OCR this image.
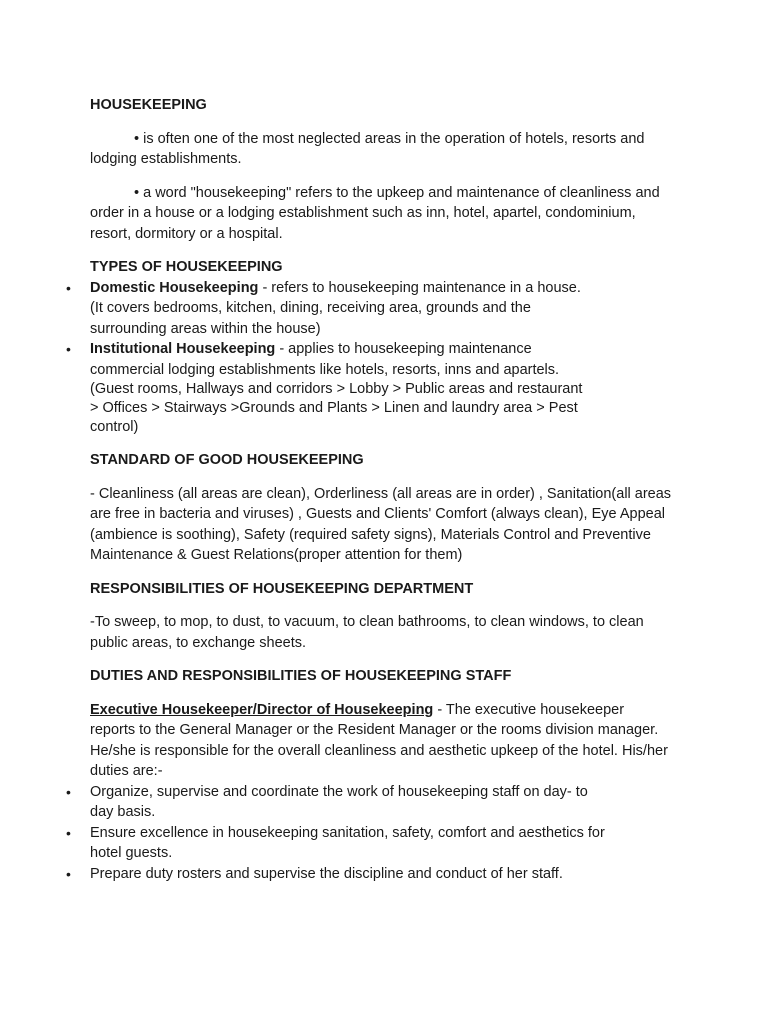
HOUSEKEEPING

• is often one of the most neglected areas in the operation of hotels, resorts and lodging establishments.

• a word "housekeeping" refers to the upkeep and maintenance of cleanliness and order in a house or a lodging establishment such as inn, hotel, apartel, condominium, resort, dormitory or a hospital.

TYPES OF HOUSEKEEPING

• Domestic Housekeeping - refers to housekeeping maintenance in a house. (It covers bedrooms, kitchen, dining, receiving area, grounds and the surrounding areas within the house)
• Institutional Housekeeping - applies to housekeeping maintenance commercial lodging establishments like hotels, resorts, inns and apartels.
(Guest rooms, Hallways and corridors > Lobby > Public areas and restaurant > Offices > Stairways >Grounds and Plants > Linen and laundry area > Pest control)

STANDARD OF GOOD HOUSEKEEPING

- Cleanliness (all areas are clean), Orderliness (all areas are in order) , Sanitation(all areas are free in bacteria and viruses) , Guests and Clients' Comfort (always clean), Eye Appeal (ambience is soothing), Safety (required safety signs), Materials Control and Preventive Maintenance & Guest Relations(proper attention for them)

RESPONSIBILITIES OF HOUSEKEEPING DEPARTMENT

-To sweep, to mop, to dust, to vacuum, to clean bathrooms, to clean windows, to clean public areas, to exchange sheets.

DUTIES AND RESPONSIBILITIES OF HOUSEKEEPING STAFF

Executive Housekeeper/Director of Housekeeping - The executive housekeeper reports to the General Manager or the Resident Manager or the rooms division manager. He/she is responsible for the overall cleanliness and aesthetic upkeep of the hotel. His/her duties are:-

• Organize, supervise and coordinate the work of housekeeping staff on day- to day basis.
• Ensure excellence in housekeeping sanitation, safety, comfort and aesthetics for hotel guests.
• Prepare duty rosters and supervise the discipline and conduct of her staff.
